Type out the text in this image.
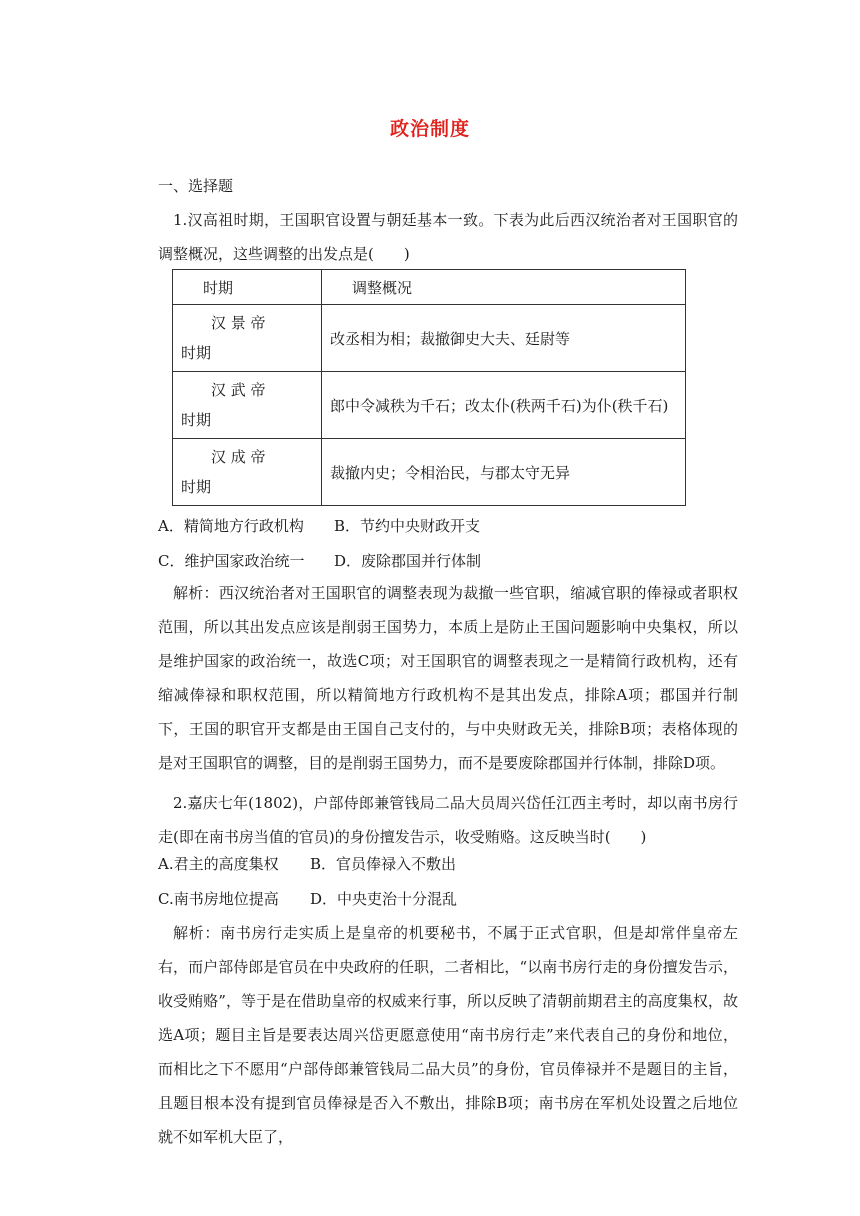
政治制度
一、选择题
1.汉高祖时期，王国职官设置与朝廷基本一致。下表为此后西汉统治者对王国职官的调整概况，这些调整的出发点是(　　)
时期	调整概况

汉 景 帝
时期	改丞相为相；裁撤御史大夫、廷尉等

汉 武 帝
时期	郎中令减秩为千石；改太仆(秩两千石)为仆(秩千石)

汉 成 帝
时期	裁撤内史；令相治民，与郡太守无异
A．精简地方行政机构 B．节约中央财政开支
C．维护国家政治统一 D．废除郡国并行体制
解析：西汉统治者对王国职官的调整表现为裁撤一些官职，缩减官职的俸禄或者职权范围，所以其出发点应该是削弱王国势力，本质上是防止王国问题影响中央集权，所以是维护国家的政治统一，故选C项；对王国职官的调整表现之一是精简行政机构，还有缩减俸禄和职权范围，所以精简地方行政机构不是其出发点，排除A项；郡国并行制下，王国的职官开支都是由王国自己支付的，与中央财政无关，排除B项；表格体现的是对王国职官的调整，目的是削弱王国势力，而不是要废除郡国并行体制，排除D项。
2.嘉庆七年(1802)，户部侍郎兼管钱局二品大员周兴岱任江西主考时，却以南书房行走(即在南书房当值的官员)的身份擅发告示，收受贿赂。这反映当时(　　)
A.君主的高度集权 B．官员俸禄入不敷出
C.南书房地位提高 D．中央吏治十分混乱
解析：南书房行走实质上是皇帝的机要秘书，不属于正式官职，但是却常伴皇帝左右，而户部侍郎是官员在中央政府的任职，二者相比，“以南书房行走的身份擅发告示，收受贿赂”，等于是在借助皇帝的权威来行事，所以反映了清朝前期君主的高度集权，故选A项；题目主旨是要表达周兴岱更愿意使用“南书房行走”来代表自己的身份和地位，而相比之下不愿用“户部侍郎兼管钱局二品大员”的身份，官员俸禄并不是题目的主旨，且题目根本没有提到官员俸禄是否入不敷出，排除B项；南书房在军机处设置之后地位就不如军机大臣了，
